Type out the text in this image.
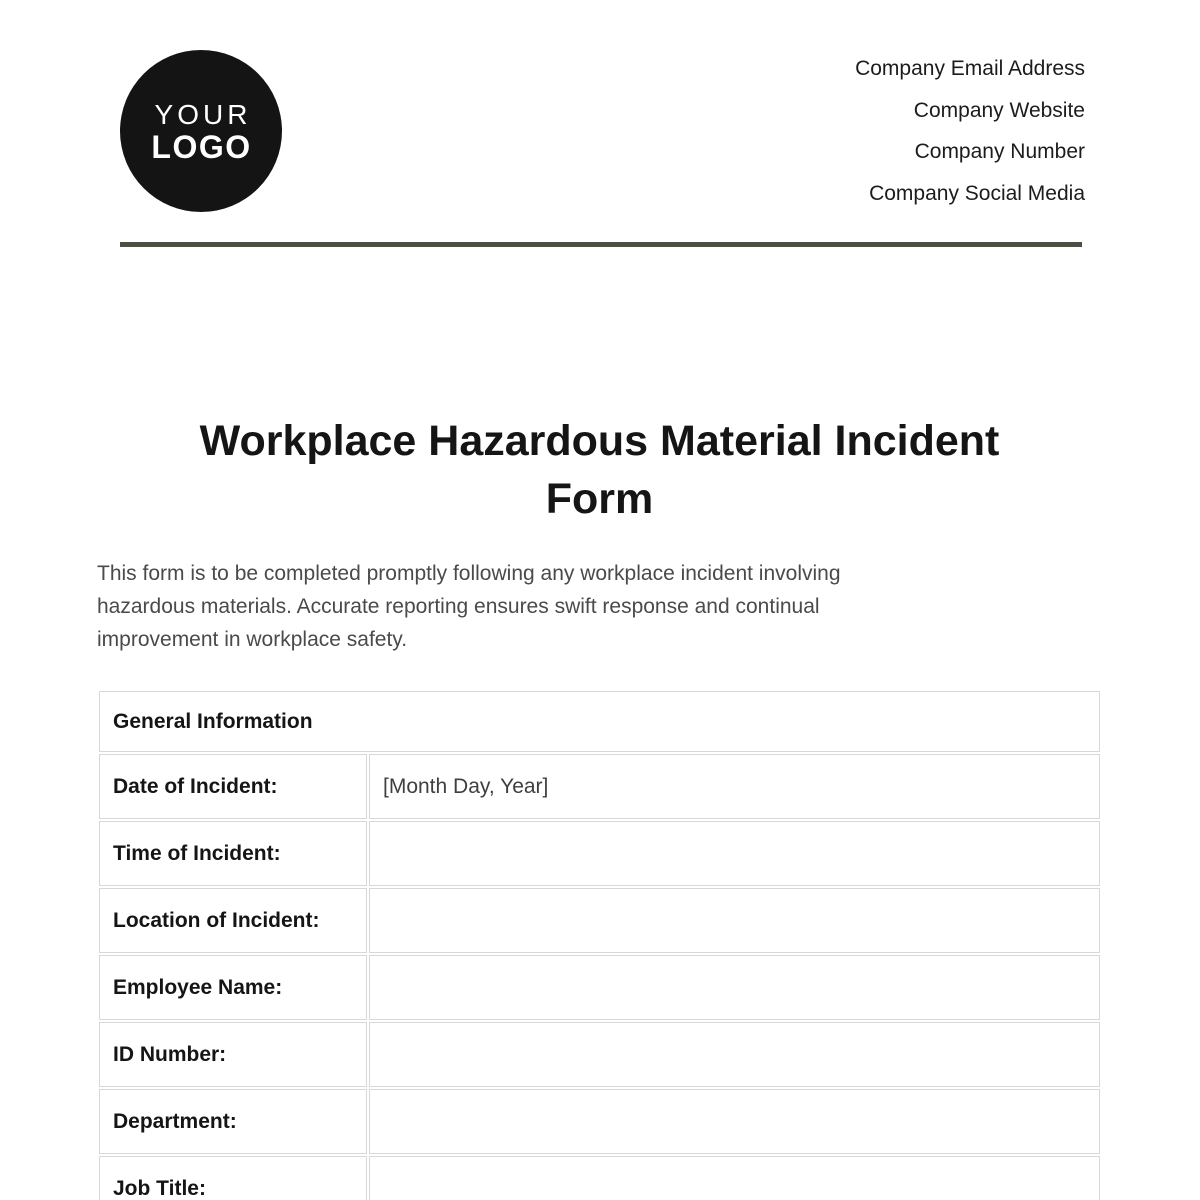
YOUR
LOGO
Company Email Address
Company Website
Company Number
Company Social Media
Workplace Hazardous Material Incident Form
This form is to be completed promptly following any workplace incident involving
hazardous materials. Accurate reporting ensures swift response and continual
improvement in workplace safety.
General Information	
Date of Incident:	[Month Day, Year]
Time of Incident:	
Location of Incident:	
Employee Name:	
ID Number:	
Department:	
Job Title:	
